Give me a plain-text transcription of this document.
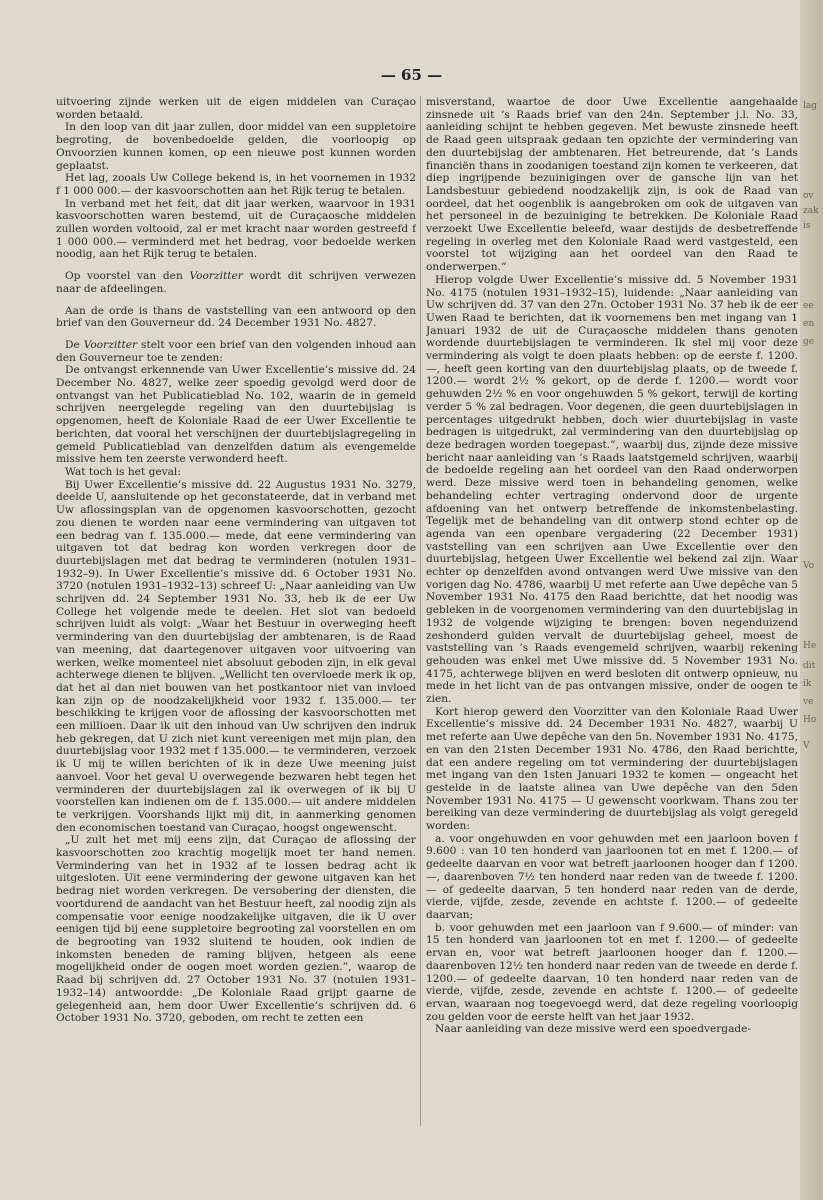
— 65 —

uitvoering zijnde werken uit de eigen middelen van Curaçao worden betaald.

In den loop van dit jaar zullen, door middel van een suppletoire begroting, de bovenbedoelde gelden, die voorloopig op Onvoorzien kunnen komen, op een nieuwe post kunnen worden geplaatst.

Het lag, zooals Uw College bekend is, in het voornemen in 1932 f 1 000 000.— der kasvoorschotten aan het Rijk terug te betalen.

In verband met het feit, dat dit jaar werken, waarvoor in 1931 kasvoorschotten waren bestemd, uit de Curaçaosche middelen zullen worden voltooid, zal er met kracht naar worden gestreefd f 1 000 000.— verminderd met het bedrag, voor bedoelde werken noodig, aan het Rijk terug te betalen.

Op voorstel van den Voorzitter wordt dit schrijven verwezen naar de afdeelingen.

Aan de orde is thans de vaststelling van een antwoord op den brief van den Gouverneur dd. 24 December 1931 No. 4827.

De Voorzitter stelt voor een brief van den volgenden inhoud aan den Gouverneur toe te zenden:

De ontvangst erkennende van Uwer Excellentie’s missive dd. 24 December No. 4827, welke zeer spoedig gevolgd werd door de ontvangst van het Publicatieblad No. 102, waarin de in gemeld schrijven neergelegde regeling van den duurtebijslag is opgenomen, heeft de Koloniale Raad de eer Uwer Excellentie te berichten, dat vooral het verschijnen der duurtebijslagregeling in gemeld Publicatieblad van denzelfden datum als evengemelde missive hem ten zeerste verwonderd heeft.

Wat toch is het geval:

Bij Uwer Excellentie’s missive dd. 22 Augustus 1931 No. 3279, deelde U, aansluitende op het geconstateerde, dat in verband met Uw aflossingsplan van de opgenomen kasvoorschotten, gezocht zou dienen te worden naar eene vermindering van uitgaven tot een bedrag van f. 135.000.— mede, dat eene vermindering van uitgaven tot dat bedrag kon worden verkregen door de duurtebijslagen met dat bedrag te verminderen (notulen 1931–1932–9). In Uwer Excellentie’s missive dd. 6 October 1931 No. 3720 (notulen 1931–1932–13) schreef U: „Naar aanleiding van Uw schrijven dd. 24 September 1931 No. 33, heb ik de eer Uw College het volgende mede te deelen. Het slot van bedoeld schrijven luidt als volgt: „Waar het Bestuur in overweging heeft vermindering van den duurtebijslag der ambtenaren, is de Raad van meening, dat daartegenover uitgaven voor uitvoering van werken, welke momenteel niet absoluut geboden zijn, in elk geval achterwege dienen te blijven. „Wellicht ten overvloede merk ik op, dat het al dan niet bouwen van het postkantoor niet van invloed kan zijn op de noodzakelijkheid voor 1932 f. 135.000.— ter beschikking te krijgen voor de aflossing der kasvoorschotten met een millioen. Daar ik uit den inhoud van Uw schrijven den indruk heb gekregen, dat U zich niet kunt vereenigen met mijn plan, den duurtebijslag voor 1932 met f 135.000.— te verminderen, verzoek ik U mij te willen berichten of ik in deze Uwe meening juist aanvoel. Voor het geval U overwegende bezwaren hebt tegen het verminderen der duurtebijslagen zal ik overwegen of ik bij U voorstellen kan indienen om de f. 135.000.— uit andere middelen te verkrijgen. Voorshands lijkt mij dit, in aanmerking genomen den economischen toestand van Curaçao, hoogst ongewenscht.

„U zult het met mij eens zijn, dat Curaçao de aflossing der kasvoorschotten zoo krachtig mogelijk moet ter hand nemen. Vermindering van het in 1932 af te lossen bedrag acht ik uitgesloten. Uit eene vermindering der gewone uitgaven kan het bedrag niet worden verkregen. De versobering der diensten, die voortdurend de aandacht van het Bestuur heeft, zal noodig zijn als compensatie voor eenige noodzakelijke uitgaven, die ik U over eenigen tijd bij eene suppletoire begrooting zal voorstellen en om de begrooting van 1932 sluitend te houden, ook indien de inkomsten beneden de raming blijven, hetgeen als eene mogelijkheid onder de oogen moet worden gezien.”, waarop de Raad bij schrijven dd. 27 October 1931 No. 37 (notulen 1931–1932–14) antwoordde: „De Koloniale Raad grijpt gaarne de gelegenheid aan, hem door Uwer Excellentie’s schrijven dd. 6 October 1931 No. 3720, geboden, om recht te zetten een

misverstand, waartoe de door Uwe Excellentie aangehaalde zinsnede uit ’s Raads brief van den 24n. September j.l. No. 33, aanleiding schijnt te hebben gegeven. Met bewuste zinsnede heeft de Raad geen uitspraak gedaan ten opzichte der vermindering van den duurtebijslag der ambtenaren. Het betreurende, dat ’s Lands financiën thans in zoodanigen toestand zijn komen te verkeeren, dat diep ingrijpende bezuinigingen over de gansche lijn van het Landsbestuur gebiedend noodzakelijk zijn, is ook de Raad van oordeel, dat het oogenblik is aangebroken om ook de uitgaven van het personeel in de bezuiniging te betrekken. De Koloniale Raad verzoekt Uwe Excellentie beleefd, waar destijds de desbetreffende regeling in overleg met den Koloniale Raad werd vastgesteld, een voorstel tot wijziging aan het oordeel van den Raad te onderwerpen.”

Hierop volgde Uwer Excellentie’s missive dd. 5 November 1931 No. 4175 (notulen 1931–1932–15), luidende: „Naar aanleiding van Uw schrijven dd. 37 van den 27n. October 1931 No. 37 heb ik de eer Uwen Raad te berichten, dat ik voornemens ben met ingang van 1 Januari 1932 de uit de Curaçaosche middelen thans genoten wordende duurtebijslagen te verminderen. Ik stel mij voor deze vermindering als volgt te doen plaats hebben: op de eerste f. 1200.—, heeft geen korting van den duurtebijslag plaats, op de tweede f. 1200.— wordt 2½ % gekort, op de derde f. 1200.— wordt voor gehuwden 2½ % en voor ongehuwden 5 % gekort, terwijl de korting verder 5 % zal bedragen. Voor degenen, die geen duurtebijslagen in percentages uitgedrukt hebben, doch wier duurtebijslag in vaste bedragen is uitgedrukt, zal vermindering van den duurtebijslag op deze bedragen worden toegepast.”, waarbij dus, zijnde deze missive bericht naar aanleiding van ’s Raads laatstgemeld schrijven, waarbij de bedoelde regeling aan het oordeel van den Raad onderworpen werd. Deze missive werd toen in behandeling genomen, welke behandeling echter vertraging ondervond door de urgente afdoening van het ontwerp betreffende de inkomstenbelasting. Tegelijk met de behandeling van dit ontwerp stond echter op de agenda van een openbare vergadering (22 December 1931) vaststelling van een schrijven aan Uwe Excellentie over den duurtebijslag, hetgeen Uwer Excellentie wel bekend zal zijn. Waar echter op denzelfden avond ontvangen werd Uwe missive van den vorigen dag No. 4786, waarbij U met referte aan Uwe depêche van 5 November 1931 No. 4175 den Raad berichtte, dat het noodig was gebleken in de voorgenomen vermindering van den duurtebijslag in 1932 de volgende wijziging te brengen: boven negenduizend zeshonderd gulden vervalt de duurtebijslag geheel, moest de vaststelling van ’s Raads evengemeld schrijven, waarbij rekening gehouden was enkel met Uwe missive dd. 5 November 1931 No. 4175, achterwege blijven en werd besloten dit ontwerp opnieuw, nu mede in het licht van de pas ontvangen missive, onder de oogen te zien.

Kort hierop gewerd den Voorzitter van den Koloniale Raad Uwer Excellentie’s missive dd. 24 December 1931 No. 4827, waarbij U met referte aan Uwe depêche van den 5n. November 1931 No. 4175, en van den 21sten December 1931 No. 4786, den Raad berichtte, dat een andere regeling om tot vermindering der duurtebijslagen met ingang van den 1sten Januari 1932 te komen — ongeacht het gestelde in de laatste alinea van Uwe depêche van den 5den November 1931 No. 4175 — U gewenscht voorkwam. Thans zou ter bereiking van deze vermindering de duurtebijslag als volgt geregeld worden:

a. voor ongehuwden en voor gehuwden met een jaarloon boven f 9.600 : van 10 ten honderd van jaarloonen tot en met f. 1200.— of gedeelte daarvan en voor wat betreft jaarloonen hooger dan f 1200.—, daarenboven 7½ ten honderd naar reden van de tweede f. 1200.— of gedeelte daarvan, 5 ten honderd naar reden van de derde, vierde, vijfde, zesde, zevende en achtste f. 1200.— of gedeelte daarvan;

b. voor gehuwden met een jaarloon van f 9.600.— of minder: van 15 ten honderd van jaarloonen tot en met f. 1200.— of gedeelte ervan en, voor wat betreft jaarloonen hooger dan f. 1200.— daarenboven 12½ ten honderd naar reden van de tweede en derde f. 1200.— of gedeelte daarvan, 10 ten honderd naar reden van de vierde, vijfde, zesde, zevende en achtste f. 1200.— of gedeelte ervan, waaraan nog toegevoegd werd, dat deze regeling voorloopig zou gelden voor de eerste helft van het jaar 1932.

Naar aanleiding van deze missive werd een spoedvergade-

lag
ov
zak
is
ee
en
ge
Vo
He
dit
ik
ve
Ho
V
